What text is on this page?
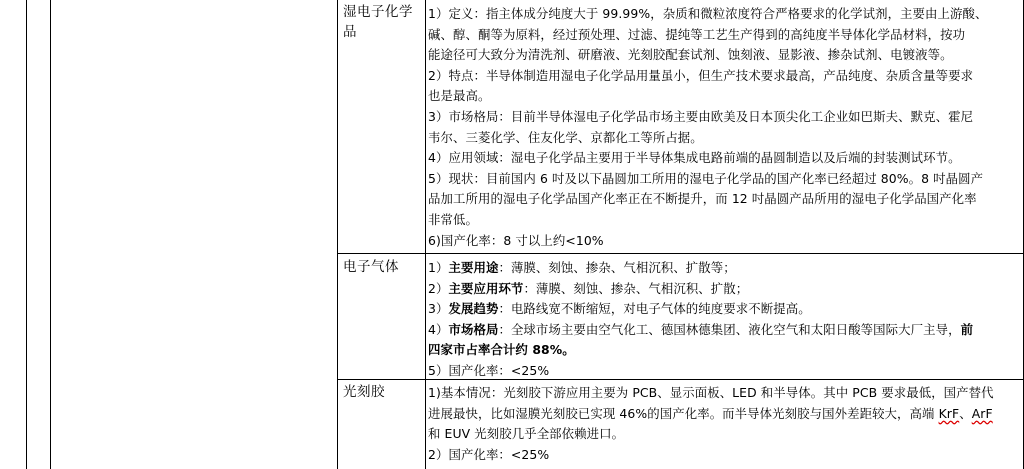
湿电子化学
品
电子气体
光刻胶
1）定义：指主体成分纯度大于 99.99%，杂质和微粒浓度符合严格要求的化学试剂，主要由上游酸、
碱、醇、酮等为原料，经过预处理、过滤、提纯等工艺生产得到的高纯度半导体化学品材料，按功
能途径可大致分为清洗剂、研磨液、光刻胶配套试剂、蚀刻液、显影液、掺杂试剂、电镀液等。
2）特点：半导体制造用湿电子化学品用量虽小，但生产技术要求最高，产品纯度、杂质含量等要求
也是最高。
3）市场格局：目前半导体湿电子化学品市场主要由欧美及日本顶尖化工企业如巴斯夫、默克、霍尼
韦尔、三菱化学、住友化学、京都化工等所占据。
4）应用领域：湿电子化学品主要用于半导体集成电路前端的晶圆制造以及后端的封装测试环节。
5）现状：目前国内 6 吋及以下晶圆加工所用的湿电子化学品的国产化率已经超过 80%。8 吋晶圆产
品加工所用的湿电子化学品国产化率正在不断提升，而 12 吋晶圆产品所用的湿电子化学品国产化率
非常低。
6)国产化率：8 寸以上约<10%
1）主要用途：薄膜、刻蚀、掺杂、气相沉积、扩散等；
2）主要应用环节：薄膜、刻蚀、掺杂、气相沉积、扩散；
3）发展趋势：电路线宽不断缩短，对电子气体的纯度要求不断提高。
4）市场格局：全球市场主要由空气化工、德国林德集团、液化空气和太阳日酸等国际大厂主导，前
四家市占率合计约 88%。
5）国产化率：<25%
1)基本情况：光刻胶下游应用主要为 PCB、显示面板、LED 和半导体。其中 PCB 要求最低，国产替代
进展最快，比如湿膜光刻胶已实现 46%的国产化率。而半导体光刻胶与国外差距较大，高端 KrF、ArF
和 EUV 光刻胶几乎全部依赖进口。
2）国产化率：<25%
